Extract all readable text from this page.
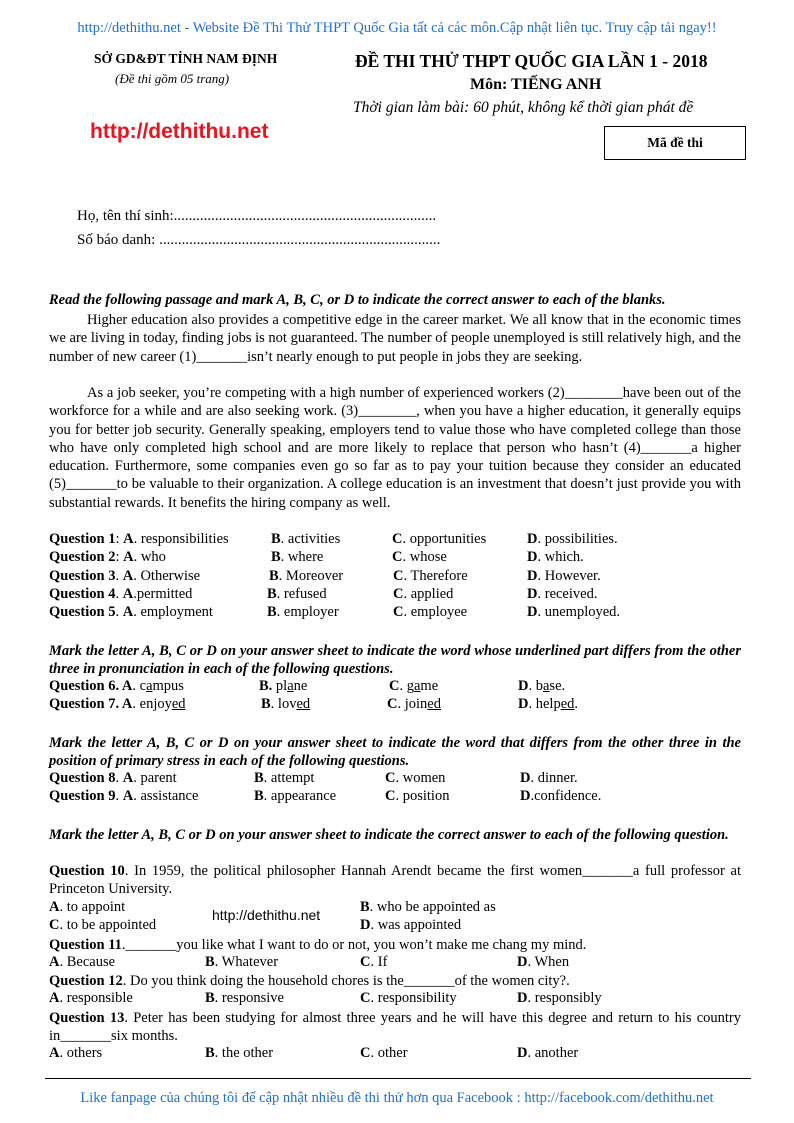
http://dethithu.net - Website Đề Thi Thử THPT Quốc Gia tất cả các môn.Cập nhật liên tục. Truy cập tải ngay!!
SỞ GD&ĐT TỈNH NAM ĐỊNH
(Đề thi gồm 05 trang)
ĐỀ THI THỬ THPT QUỐC GIA LẦN 1 - 2018
Môn: TIẾNG ANH
Thời gian làm bài: 60 phút, không kể thời gian phát đề
http://dethithu.net	Mã đề thi
Họ, tên thí sinh:......................................................................
Số báo danh: ...........................................................................
Read the following passage and mark A, B, C, or D to indicate the correct answer to each of the blanks.
Higher education also provides a competitive edge in the career market. We all know that in the economic times we are living in today, finding jobs is not guaranteed. The number of people unemployed is still relatively high, and the number of new career (1)_______isn’t nearly enough to put people in jobs they are seeking.
As a job seeker, you’re competing with a high number of experienced workers (2)________have been out of the workforce for a while and are also seeking work. (3)________, when you have a higher education, it generally equips you for better job security. Generally speaking, employers tend to value those who have completed college than those who have only completed high school and are more likely to replace that person who hasn’t (4)_______a higher education. Furthermore, some companies even go so far as to pay your tuition because they consider an educated (5)_______to be valuable to their organization. A college education is an investment that doesn’t just provide you with substantial rewards. It benefits the hiring company as well.
Question 1: A. responsibilities	B. activities	C. opportunities	D. possibilities.
Question 2: A. who	B. where	C. whose	D. which.
Question 3. A. Otherwise	B. Moreover	C. Therefore	D. However.
Question 4. A.permitted	B. refused	C. applied	D. received.
Question 5. A. employment	B. employer	C. employee	D. unemployed.
Mark the letter A, B, C or D on your answer sheet to indicate the word whose underlined part differs from the other three in pronunciation in each of the following questions.
Question 6. A. campus	B. plane	C. game	D. base.
Question 7. A. enjoyed	B. loved	C. joined	D. helped.
Mark the letter A, B, C or D on your answer sheet to indicate the word that differs from the other three in the position of primary stress in each of the following questions.
Question 8. A. parent	B. attempt	C. women	D. dinner.
Question 9. A. assistance	B. appearance	C. position	D.confidence.
Mark the letter A, B, C or D on your answer sheet to indicate the correct answer to each of the following question.
Question 10. In 1959, the political philosopher Hannah Arendt became the first women_______a full professor at Princeton University.
A. to appoint	B. who be appointed as
C. to be appointed	D. was appointed
http://dethithu.net
Question 11._______you like what I want to do or not, you won’t make me chang my mind.
A. Because	B. Whatever	C. If	D. When
Question 12. Do you think doing the household chores is the_______of the women city?.
A. responsible	B. responsive	C. responsibility	D. responsibly
Question 13. Peter has been studying for almost three years and he will have this degree and return to his country in_______six months.
A. others	B. the other	C. other	D. another
Like fanpage của chúng tôi để cập nhật nhiều đề thi thử hơn qua Facebook : http://facebook.com/dethithu.net
